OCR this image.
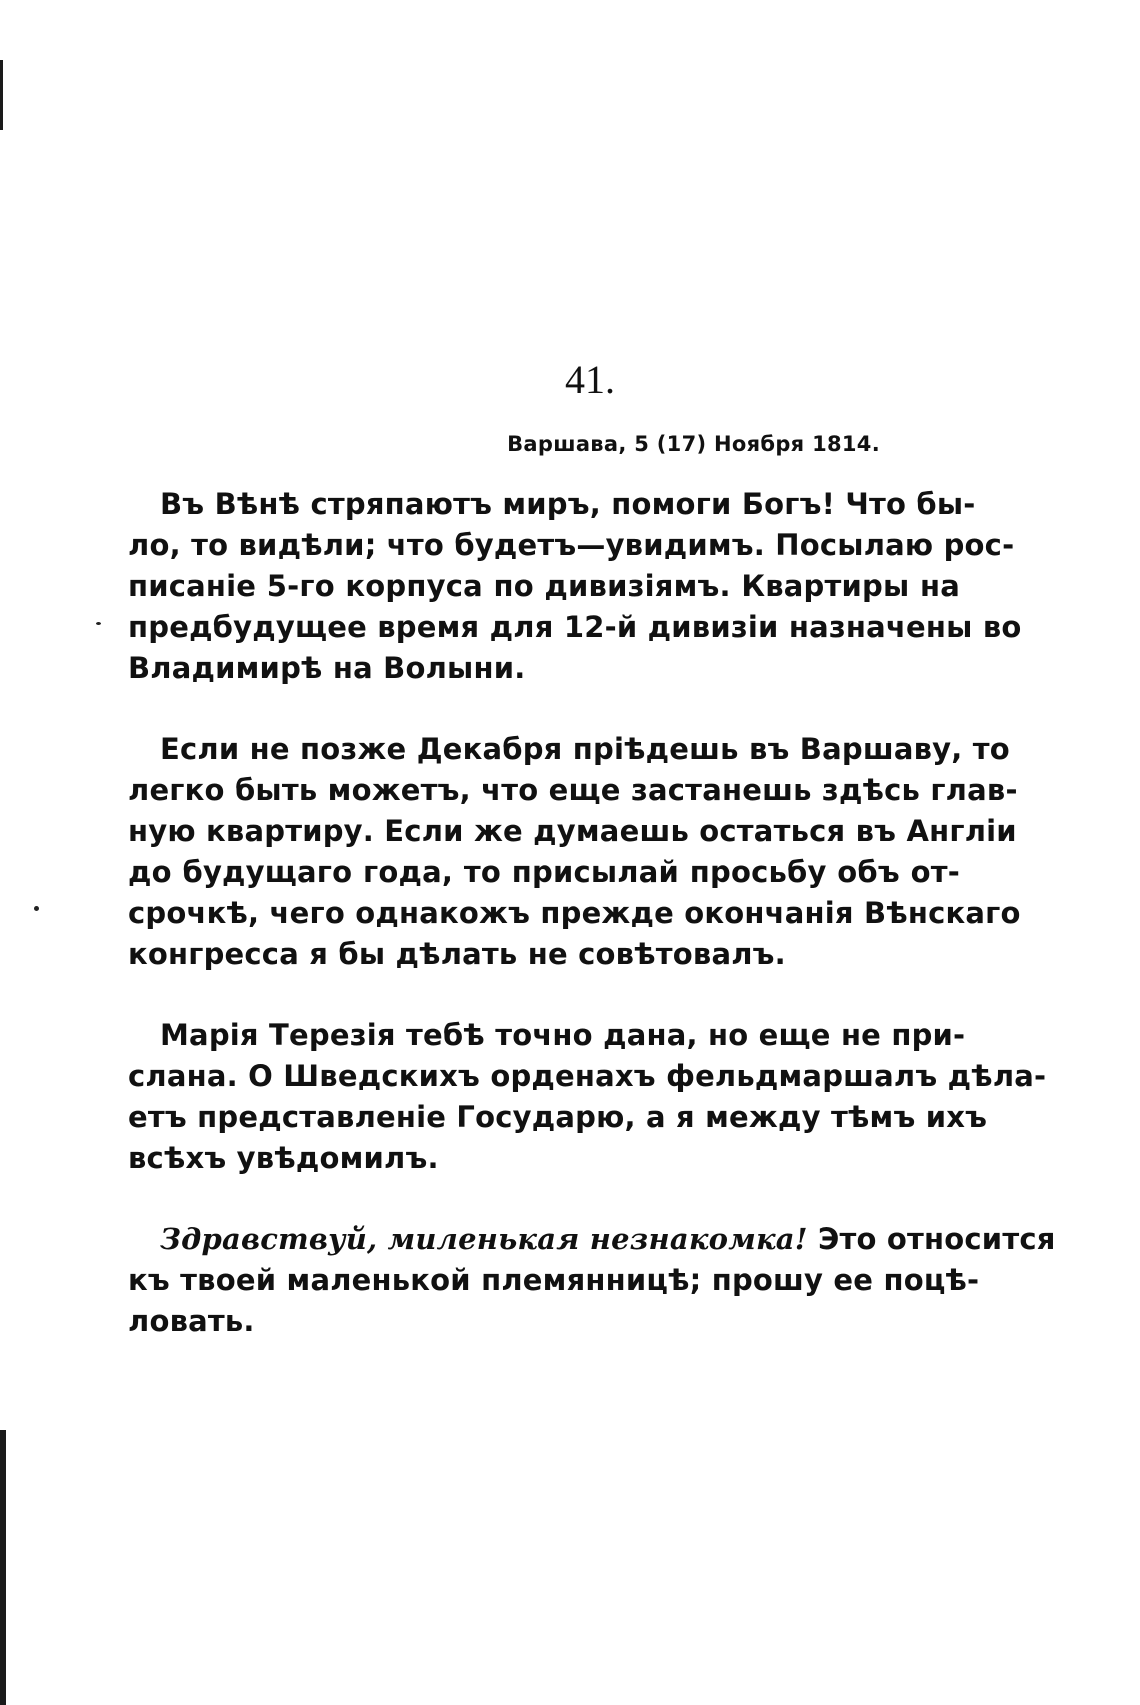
41.
Варшава, 5 (17) Ноября 1814.

Въ Вѣнѣ стряпаютъ миръ, помоги Богъ! Что бы-
ло, то видѣли; что будетъ—увидимъ. Посылаю рос-
писаніе 5-го корпуса по дивизіямъ. Квартиры на
предбудущее время для 12-й дивизіи назначены во
Владимирѣ на Волыни.

Если не позже Декабря пріѣдешь въ Варшаву, то
легко быть можетъ, что еще застанешь здѣсь глав-
ную квартиру. Если же думаешь остаться въ Англіи
до будущаго года, то присылай просьбу объ от-
срочкѣ, чего однакожъ прежде окончанія Вѣнскаго
конгресса я бы дѣлать не совѣтовалъ.

Марія Терезія тебѣ точно дана, но еще не при-
слана. О Шведскихъ орденахъ фельдмаршалъ дѣла-
етъ представленіе Государю, а я между тѣмъ ихъ
всѣхъ увѣдомилъ.

Здравствуй, миленькая незнакомка! Это относится
къ твоей маленькой племянницѣ; прошу ее поцѣ-
ловать.
